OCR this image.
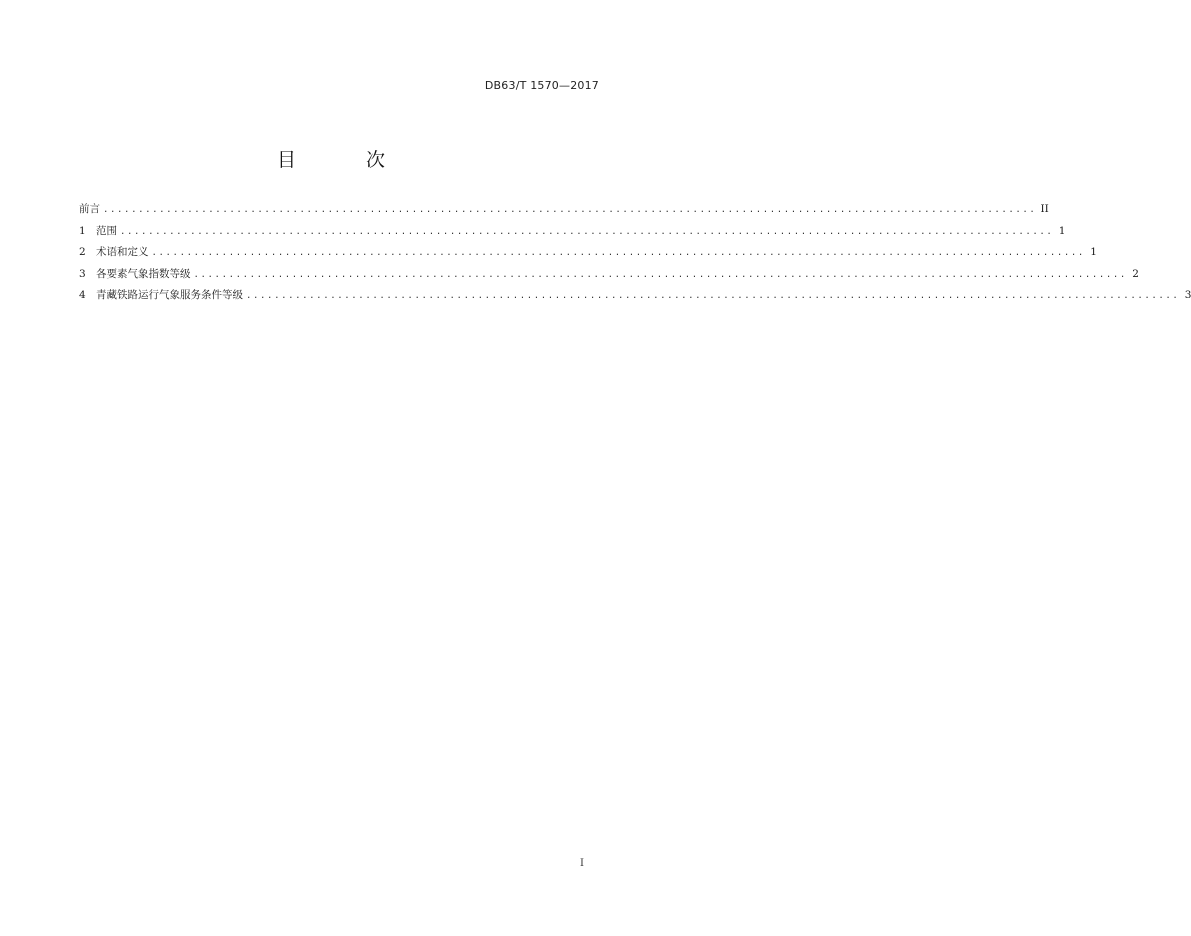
DB63/T 1570—2017
目 次
前言 ..................................................................................................................................... II
1 范围 ..................................................................................................................................... 1
2 术语和定义 ..................................................................................................................................... 1
3 各要素气象指数等级 ..................................................................................................................................... 2
4 青藏铁路运行气象服务条件等级 ..................................................................................................................................... 3
I
